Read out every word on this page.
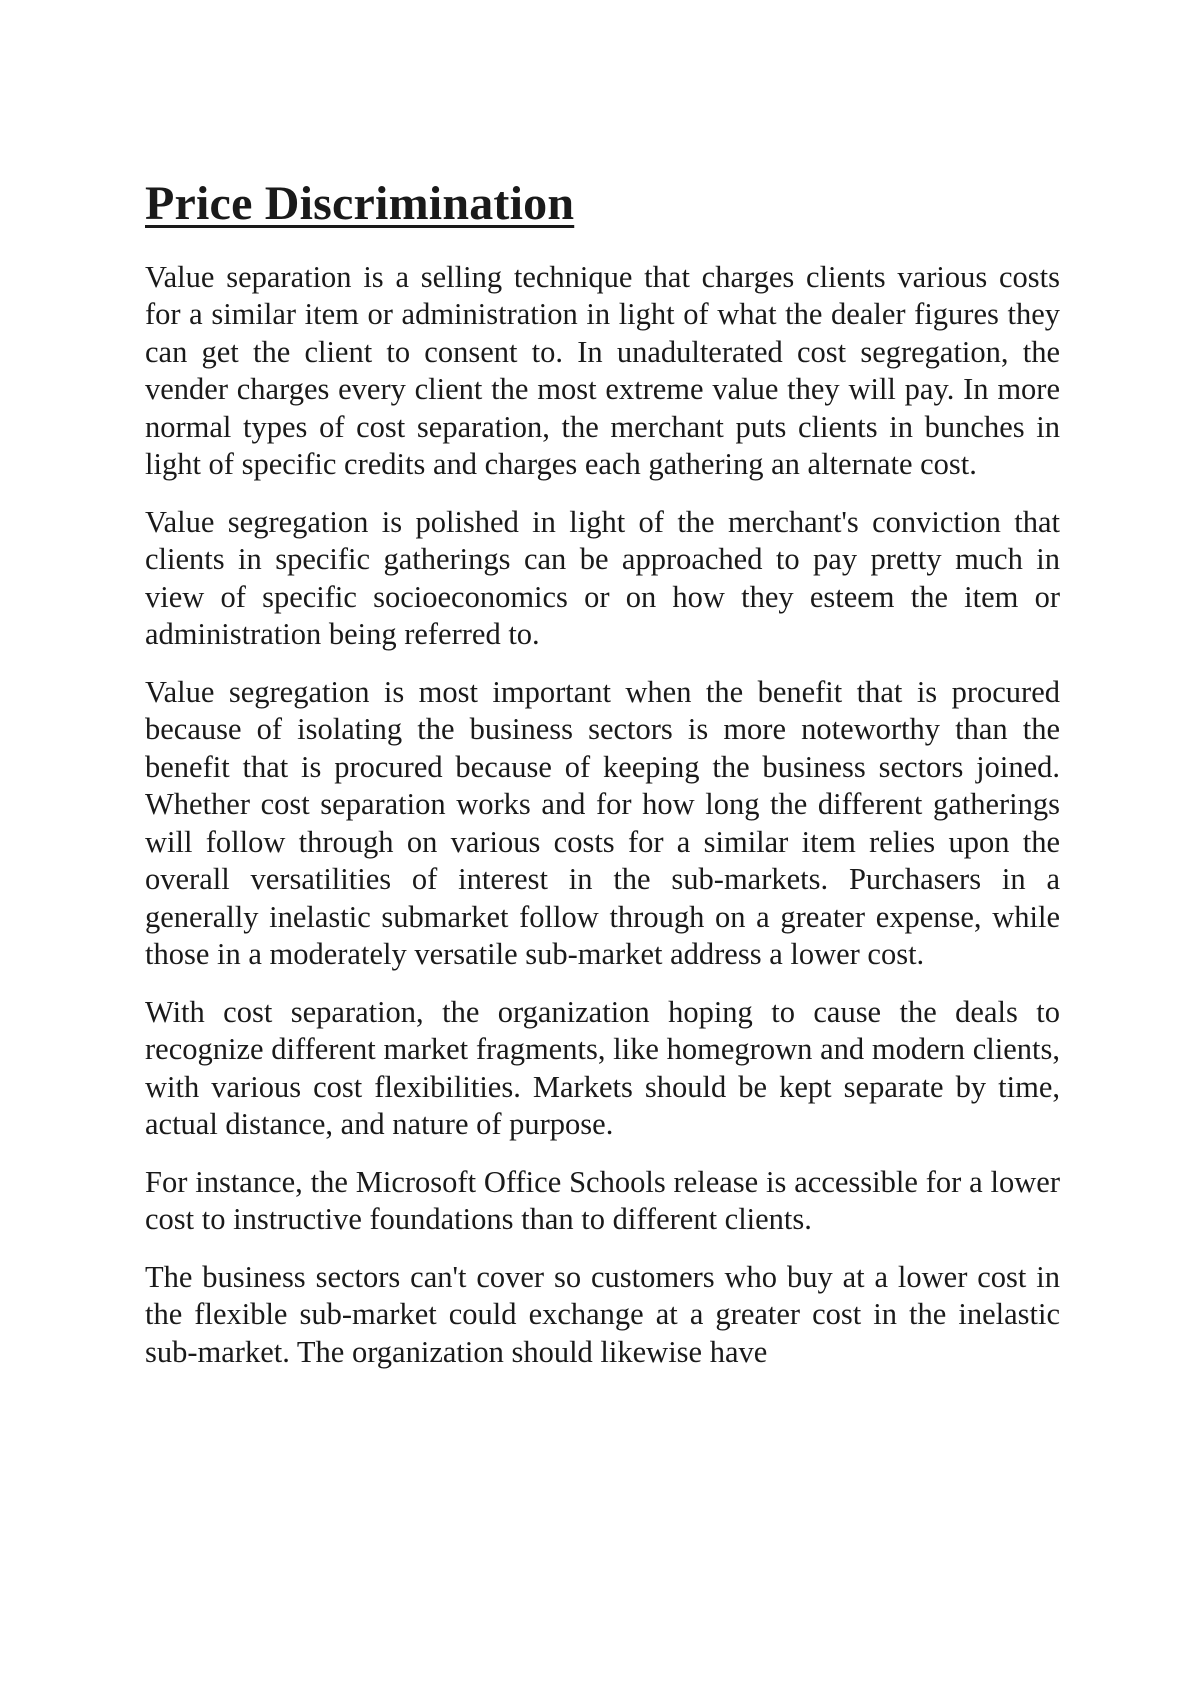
Price Discrimination

Value separation is a selling technique that charges clients various costs for a similar item or administration in light of what the dealer figures they can get the client to consent to. In unadulterated cost segregation, the vender charges every client the most extreme value they will pay. In more normal types of cost separation, the merchant puts clients in bunches in light of specific credits and charges each gathering an alternate cost.

Value segregation is polished in light of the merchant's conviction that clients in specific gatherings can be approached to pay pretty much in view of specific socioeconomics or on how they esteem the item or administration being referred to.

Value segregation is most important when the benefit that is procured because of isolating the business sectors is more noteworthy than the benefit that is procured because of keeping the business sectors joined. Whether cost separation works and for how long the different gatherings will follow through on various costs for a similar item relies upon the overall versatilities of interest in the sub-markets. Purchasers in a generally inelastic submarket follow through on a greater expense, while those in a moderately versatile sub-market address a lower cost.

With cost separation, the organization hoping to cause the deals to recognize different market fragments, like homegrown and modern clients, with various cost flexibilities. Markets should be kept separate by time, actual distance, and nature of purpose.

For instance, the Microsoft Office Schools release is accessible for a lower cost to instructive foundations than to different clients.

The business sectors can't cover so customers who buy at a lower cost in the flexible sub-market could exchange at a greater cost in the inelastic sub-market. The organization should likewise have
